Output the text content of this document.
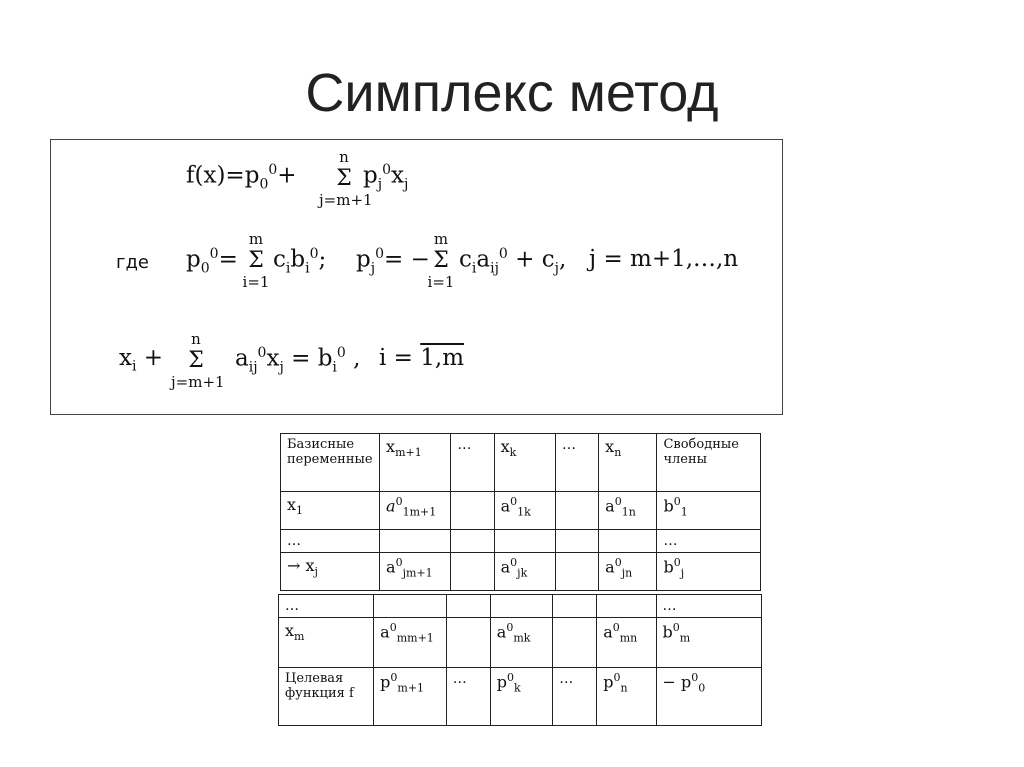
Симплекс метод
$f(x)=p_0^0+$
n
Σ
j=m+1
$p_j^0x_j$
где $p_0^0=$
m
Σ
i=1
$c_ib_i^0$; $p_j^0=$ −
m
Σ
i=1
$c_ia_{ij}^0 + c_j$, j = m+1,…,n
$x_i$ +
n
Σ
j=m+1
$a_{ij}^0x_j = b_i^0$ , i = 1,m
Базисные переменные	$x_{m+1}$	…	$x_k$	…	$x_n$	Свободные члены
$x_1$	$a^0_{1m+1}$		$a^0_{1k}$		$a^0_{1n}$	$b^0_1$
…						…
→ $x_j$	$a^0_{jm+1}$		$a^0_{jk}$		$a^0_{jn}$	$b^0_j$
…						…
$x_m$	$a^0_{mm+1}$		$a^0_{mk}$		$a^0_{mn}$	$b^0_m$
Целевая функция f	$p^0_{m+1}$	…	$p^0_k$	…	$p^0_n$	− $p^0_0$
